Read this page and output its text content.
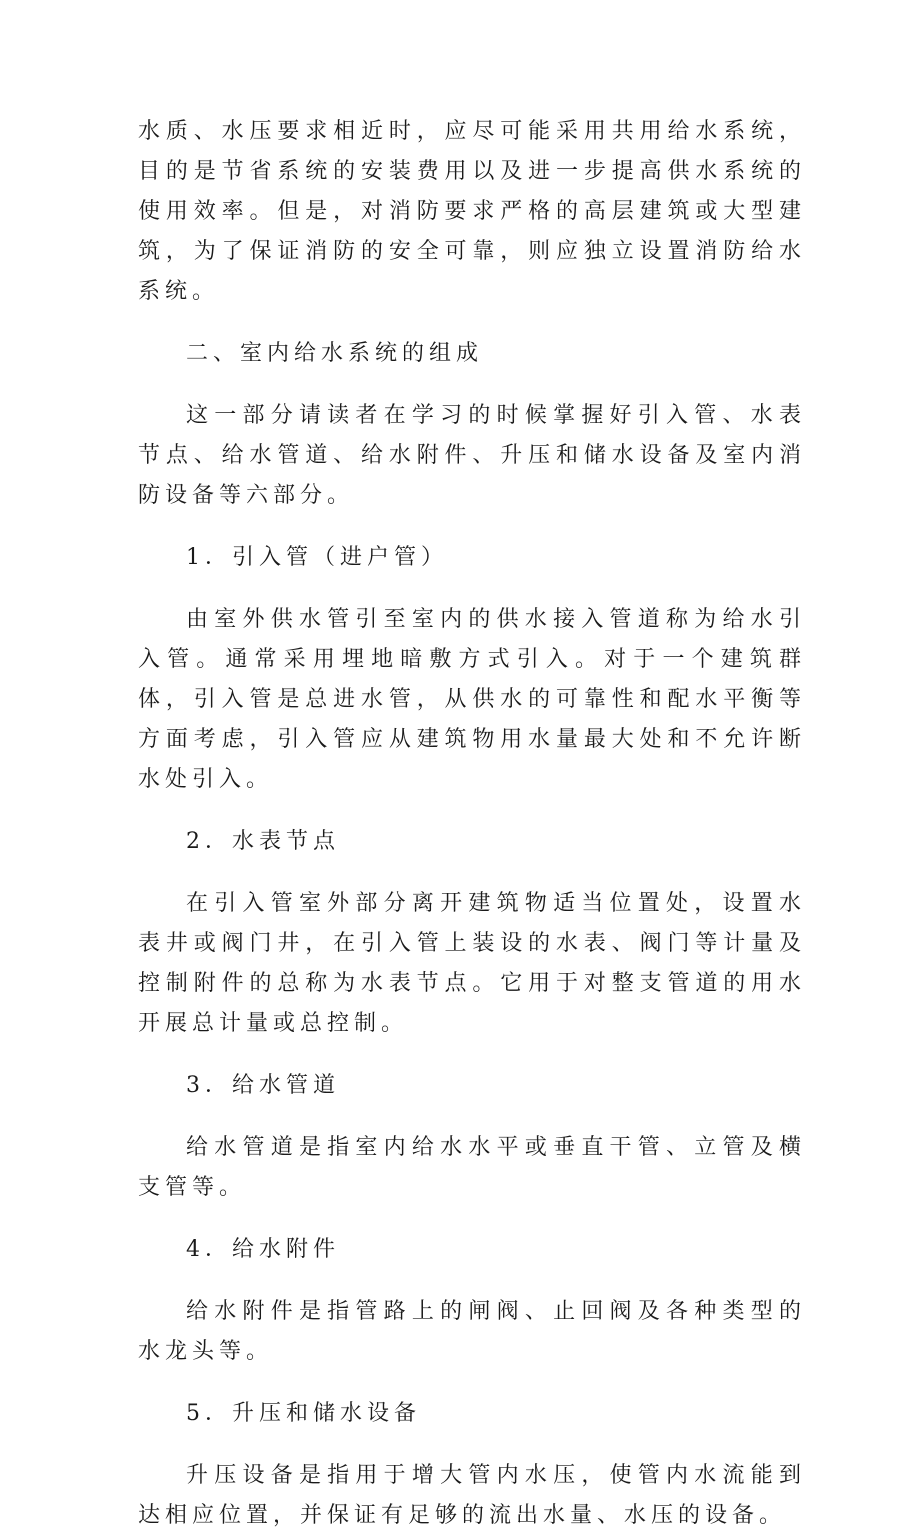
水质、水压要求相近时，应尽可能采用共用给水系统，目的是节省系统的安装费用以及进一步提高供水系统的使用效率。但是，对消防要求严格的高层建筑或大型建筑，为了保证消防的安全可靠，则应独立设置消防给水系统。

二、室内给水系统的组成

这一部分请读者在学习的时候掌握好引入管、水表节点、给水管道、给水附件、升压和储水设备及室内消防设备等六部分。

1．引入管（进户管）

由室外供水管引至室内的供水接入管道称为给水引入管。通常采用埋地暗敷方式引入。对于一个建筑群体，引入管是总进水管，从供水的可靠性和配水平衡等方面考虑，引入管应从建筑物用水量最大处和不允许断水处引入。

2．水表节点

在引入管室外部分离开建筑物适当位置处，设置水表井或阀门井，在引入管上装设的水表、阀门等计量及控制附件的总称为水表节点。它用于对整支管道的用水开展总计量或总控制。

3．给水管道

给水管道是指室内给水水平或垂直干管、立管及横支管等。

4．给水附件

给水附件是指管路上的闸阀、止回阀及各种类型的水龙头等。

5．升压和储水设备

升压设备是指用于增大管内水压，使管内水流能到达相应位置，并保证有足够的流出水量、水压的设备。
